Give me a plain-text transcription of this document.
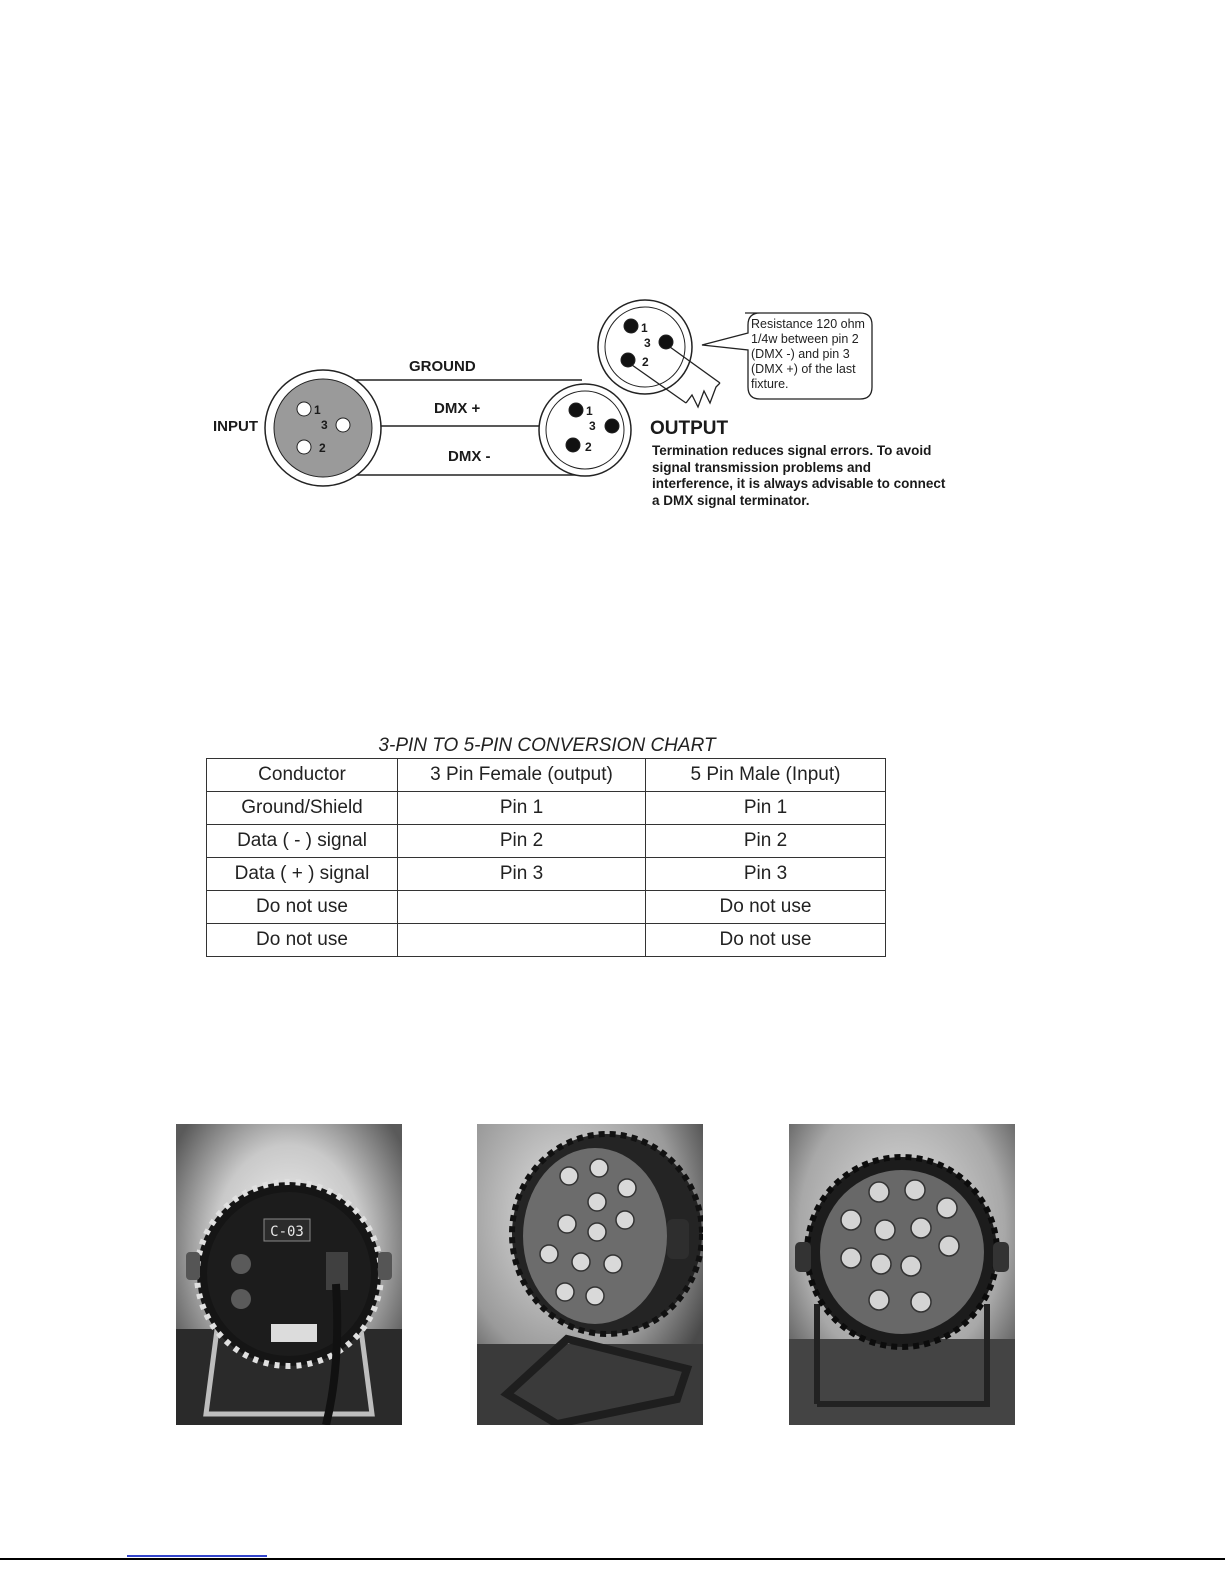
INPUT
GROUND
DMX +
DMX -
OUTPUT
1
3
2
1
3
2
1
3
2
Resistance 120 ohm 1/4w between pin 2 (DMX -) and pin 3 (DMX +) of the last fixture.
Termination reduces signal errors. To avoid signal transmission problems and interference, it is always advisable to connect a DMX signal terminator.
3-PIN TO 5-PIN CONVERSION CHART
Conductor	3 Pin Female (output)	5 Pin Male (Input)
Ground/Shield	Pin 1	Pin 1
Data ( - ) signal	Pin 2	Pin 2
Data ( + ) signal	Pin 3	Pin 3
Do not use		Do not use
Do not use		Do not use
C-03
